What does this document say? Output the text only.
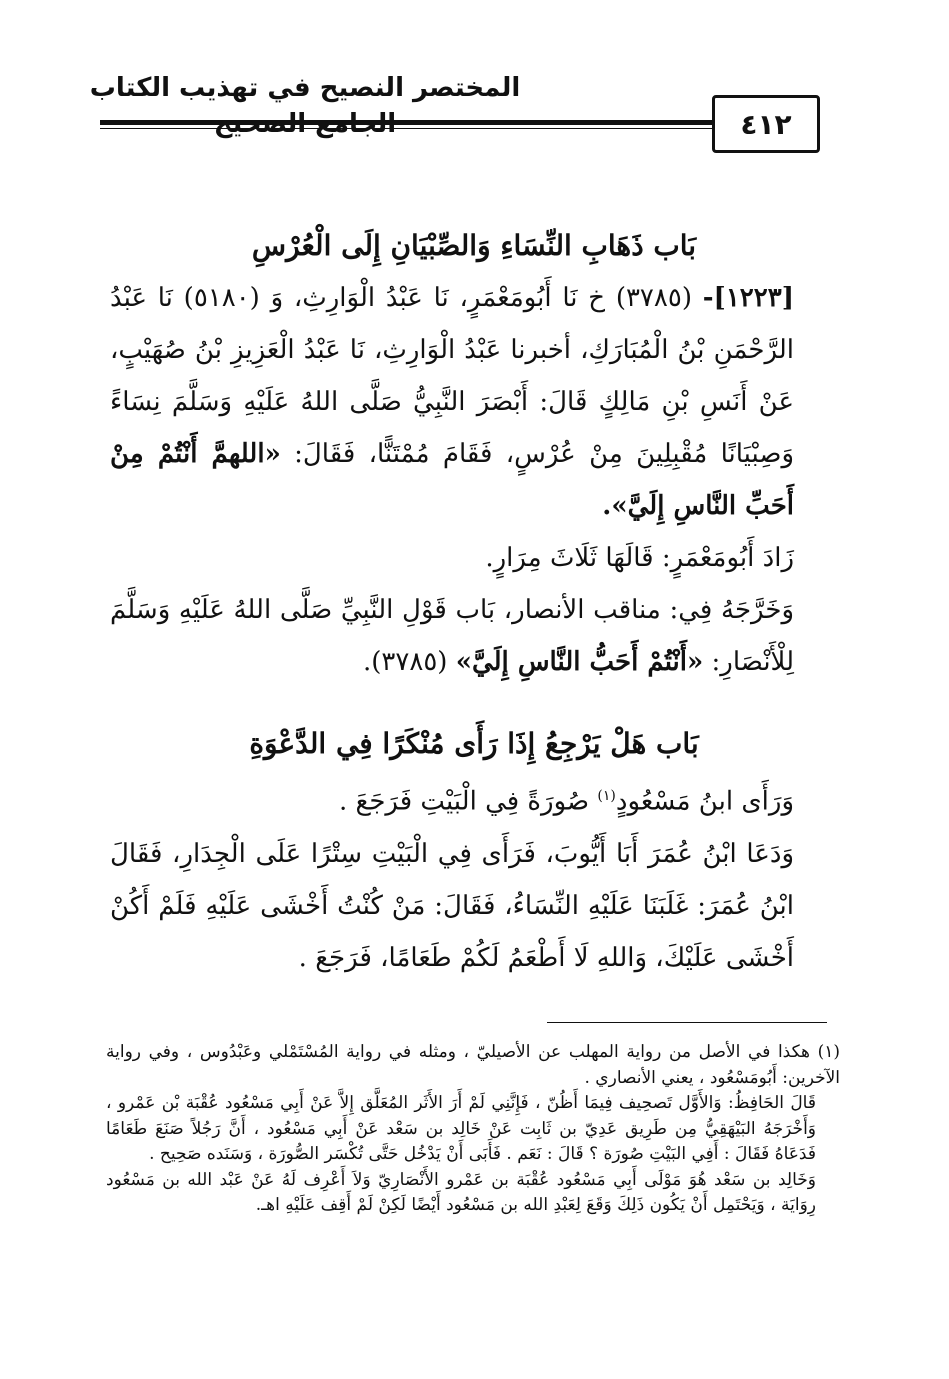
المختصر النصيح في تهذيب الكتاب
٤١٢

بَاب ذَهَابِ النِّسَاءِ وَالصِّبْيَانِ إِلَى الْعُرْسِ

[١٢٢٣]- (٣٧٨٥) خ نَا أَبُومَعْمَرٍ، نَا عَبْدُ الْوَارِثِ، وَ (٥١٨٠) نَا عَبْدُ الرَّحْمَنِ بْنُ الْمُبَارَكِ، أخبرنا عَبْدُ الْوَارِثِ، نَا عَبْدُ الْعَزِيزِ بْنُ صُهَيْبٍ، عَنْ أَنَسِ بْنِ مَالِكٍ قَالَ: أَبْصَرَ النَّبِيُّ صَلَّى اللهُ عَلَيْهِ وَسَلَّمَ نِسَاءً وَصِبْيَانًا مُقْبِلِينَ مِنْ عُرْسٍ، فَقَامَ مُمْتَنًّا، فَقَالَ: «اللهمَّ أَنْتُمْ مِنْ أَحَبِّ النَّاسِ إِلَيَّ».

زَادَ أَبُومَعْمَرٍ: قَالَهَا ثَلَاثَ مِرَارٍ.

وَخَرَّجَهُ فِي: مناقب الأنصار، بَاب قَوْلِ النَّبِيِّ صَلَّى اللهُ عَلَيْهِ وَسَلَّمَ لِلْأَنْصَارِ: «أَنْتُمْ أَحَبُّ النَّاسِ إِلَيَّ» (٣٧٨٥).

بَاب هَلْ يَرْجِعُ إِذَا رَأَى مُنْكَرًا فِي الدَّعْوَةِ

وَرَأَى ابنُ مَسْعُودٍ$^{(١)}$ صُورَةً فِي الْبَيْتِ فَرَجَعَ .

وَدَعَا ابْنُ عُمَرَ أَبَا أَيُّوبَ، فَرَأَى فِي الْبَيْتِ سِتْرًا عَلَى الْجِدَارِ، فَقَالَ ابْنُ عُمَرَ: غَلَبَنَا عَلَيْهِ النِّسَاءُ، فَقَالَ: مَنْ كُنْتُ أَخْشَى عَلَيْهِ فَلَمْ أَكُنْ أَخْشَى عَلَيْكَ، وَاللهِ لَا أَطْعَمُ لَكُمْ طَعَامًا، فَرَجَعَ .

(١) هكذا في الأصل من رواية المهلب عن الأصيليّ ، ومثله في رواية المُسْتَمْلي وعَبْدُوس ، وفي رواية الآخرين: أَبُومَسْعُود ، يعني الأنصاري .

قَالَ الحَافِظُ: وَالأَوَّل تَصحِيف فِيمَا أَظُنّ ، فَإِنَّنِي لَمْ أَرَ الأَثَر المُعَلَّق إِلاَّ عَنْ أَبِي مَسْعُود عُقْبَة بْن عَمْرو ، وَأَخْرَجَهُ البَيْهَقِيُّ مِن طَرِيق عَدِيّ بن ثَابِت عَنْ خَالِد بن سَعْد عَنْ أَبِي مَسْعُود ، أَنَّ رَجُلاً صَنَعَ طَعَامًا فَدَعَاهُ فَقَالَ : أَفِي البَيْتِ صُورَة ؟ قَالَ : نَعَم . فَأَبَى أَنْ يَدْخُل حَتَّى تُكْسَر الصُّورَة ، وَسَنَده صَحِيح .

وَخَالِد بن سَعْد هُوَ مَوْلَى أَبِي مَسْعُود عُقْبَة بن عَمْرو الأَنْصَارِيّ وَلاَ أَعْرِف لَهُ عَنْ عَبْد الله بن مَسْعُود رِوَايَة ، وَيَحْتَمِل أَنْ يَكُون ذَلِكَ وَقَعَ لِعَبْدِ الله بن مَسْعُود أَيْضًا لَكِنْ لَمْ أَقِف عَلَيْهِ اهـ.
